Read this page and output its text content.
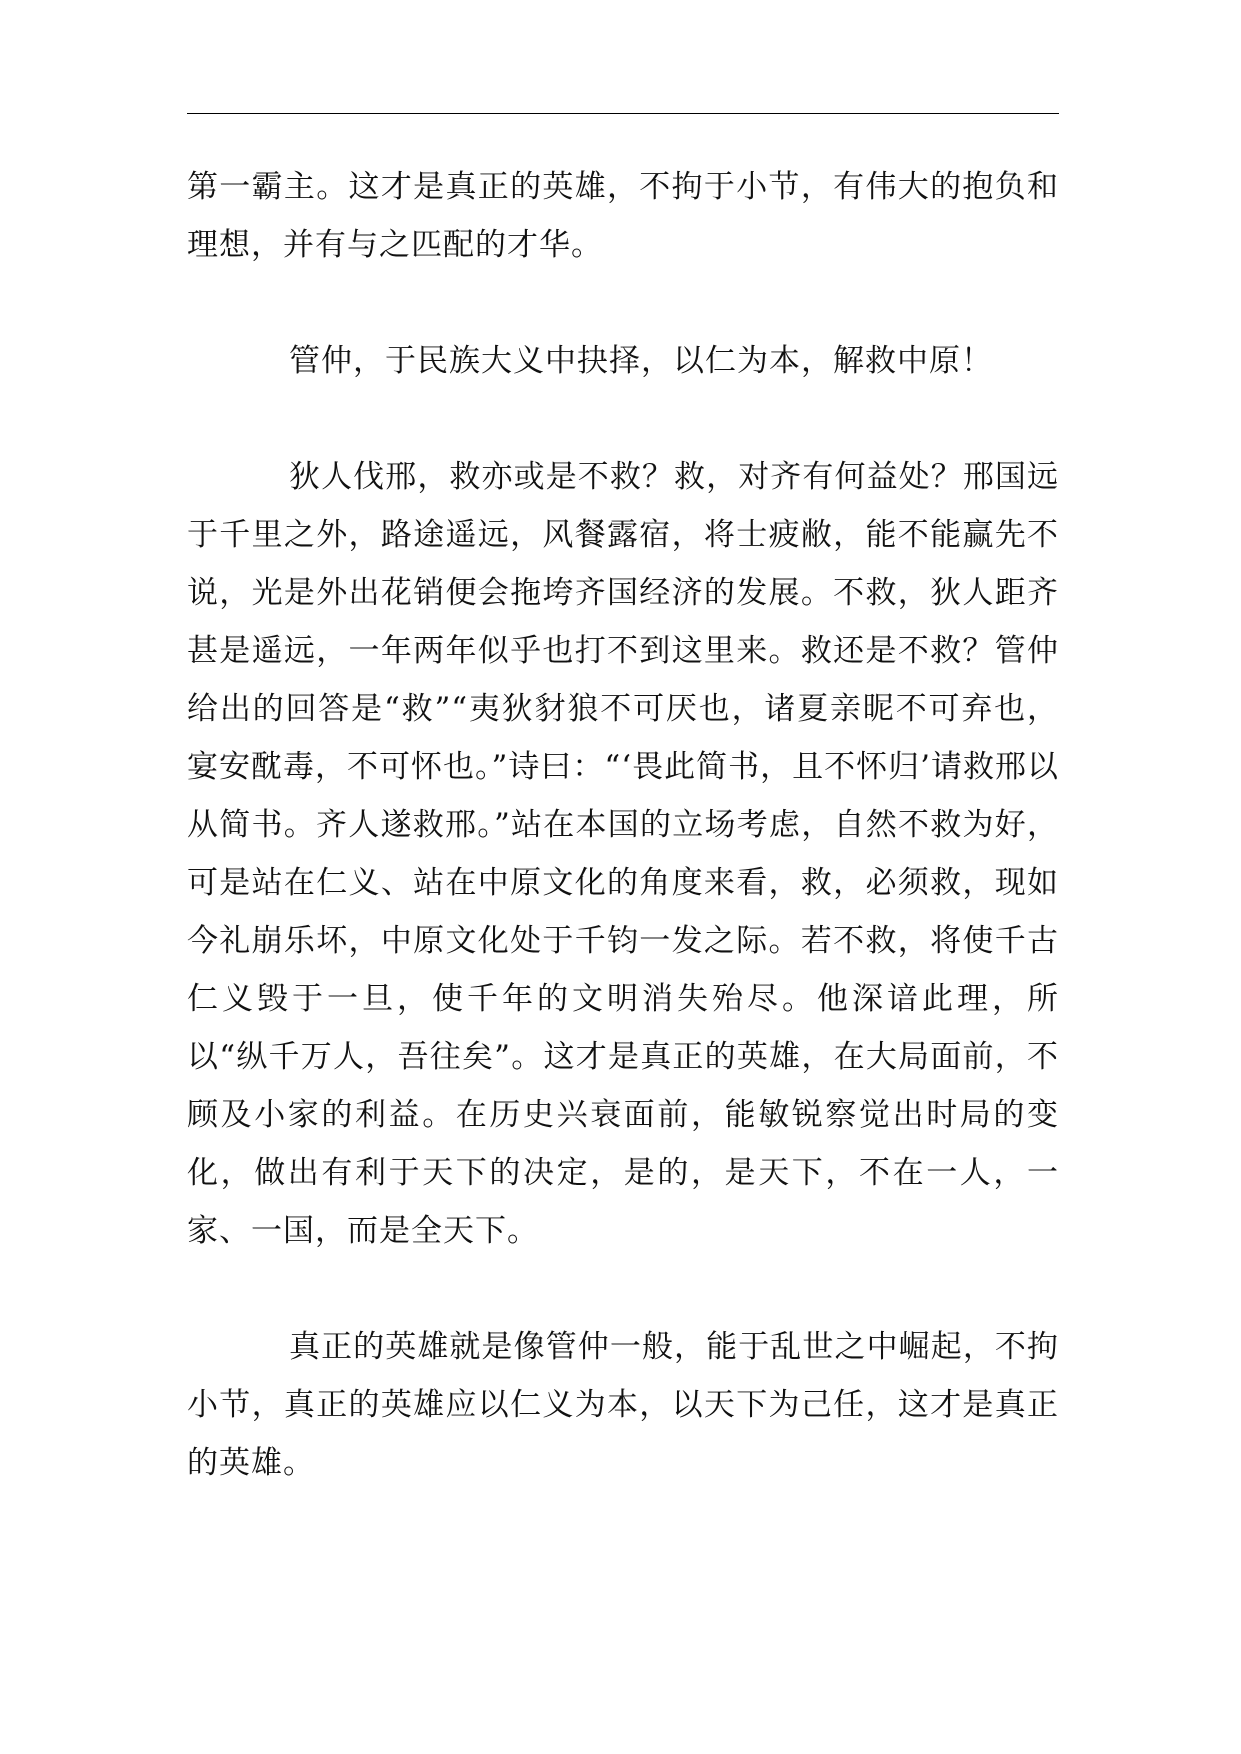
第一霸主。这才是真正的英雄，不拘于小节，有伟大的抱负和理想，并有与之匹配的才华。

管仲，于民族大义中抉择，以仁为本，解救中原！

狄人伐邢，救亦或是不救？救，对齐有何益处？邢国远于千里之外，路途遥远，风餐露宿，将士疲敝，能不能赢先不说，光是外出花销便会拖垮齐国经济的发展。不救，狄人距齐甚是遥远，一年两年似乎也打不到这里来。救还是不救？管仲给出的回答是“救”“夷狄豺狼不可厌也，诸夏亲昵不可弃也，宴安酖毒，不可怀也。”诗曰：“‘畏此简书，且不怀归’请救邢以从简书。齐人遂救邢。”站在本国的立场考虑，自然不救为好，可是站在仁义、站在中原文化的角度来看，救，必须救，现如今礼崩乐坏，中原文化处于千钧一发之际。若不救，将使千古仁义毁于一旦，使千年的文明消失殆尽。他深谙此理，所以“纵千万人，吾往矣”。这才是真正的英雄，在大局面前，不顾及小家的利益。在历史兴衰面前，能敏锐察觉出时局的变化，做出有利于天下的决定，是的，是天下，不在一人，一家、一国，而是全天下。

真正的英雄就是像管仲一般，能于乱世之中崛起，不拘小节，真正的英雄应以仁义为本，以天下为己任，这才是真正的英雄。
